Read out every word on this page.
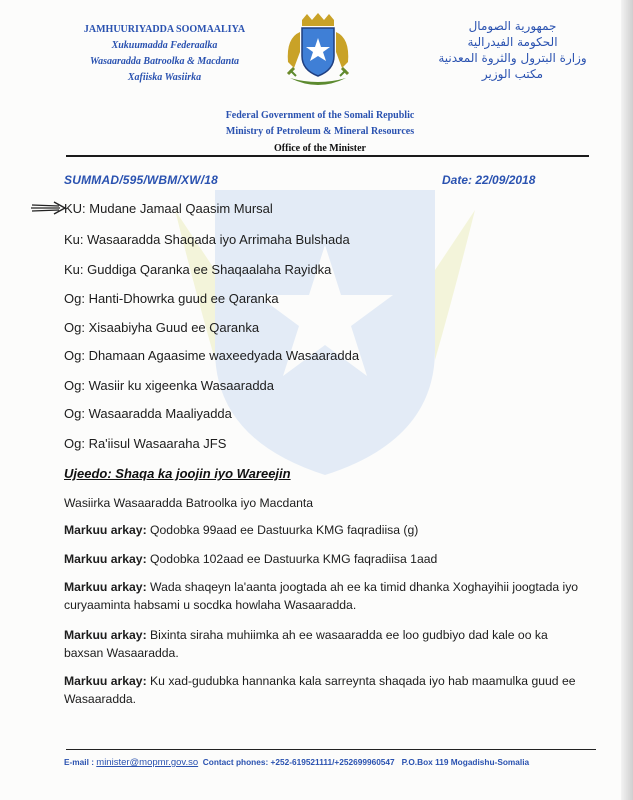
JAMHUURIYADDA SOOMAALIYA
Xukuumadda Federaalka
Wasaaradda Batroolka & Macdanta
Xafiiska Wasiirka
جمهورية الصومال
الحكومة الفيدرالية
وزارة البترول والثروة المعدنية
مكتب الوزير
Federal Government of the Somali Republic
Ministry of Petroleum & Mineral Resources
Office of the Minister
SUMMAD/595/WBM/XW/18	Date: 22/09/2018
KU: Mudane Jamaal Qaasim Mursal
Ku: Wasaaradda Shaqada iyo Arrimaha Bulshada
Ku: Guddiga Qaranka ee Shaqaalaha Rayidka
Og: Hanti-Dhowrka guud ee Qaranka
Og: Xisaabiyha Guud ee Qaranka
Og: Dhamaan Agaasime waxeedyada Wasaaradda
Og: Wasiir ku xigeenka Wasaaradda
Og: Wasaaradda Maaliyadda
Og: Ra'iisul Wasaaraha JFS
Ujeedo: Shaqa ka joojin iyo Wareejin
Wasiirka Wasaaradda Batroolka iyo Macdanta
Markuu arkay: Qodobka 99aad ee Dastuurka KMG faqradiisa (g)
Markuu arkay: Qodobka 102aad ee Dastuurka KMG faqradiisa 1aad
Markuu arkay: Wada shaqeyn la'aanta joogtada ah ee ka timid dhanka Xoghayihii joogtada iyo curyaaminta habsami u socdka howlaha Wasaaradda.
Markuu arkay: Bixinta siraha muhiimka ah ee wasaaradda ee loo gudbiyo dad kale oo ka baxsan Wasaaradda.
Markuu arkay: Ku xad-gudubka hannanka kala sarreynta shaqada iyo hab maamulka guud ee Wasaaradda.
E-mail : minister@mopmr.gov.so Contact phones: +252-619521111/+252699960547 P.O.Box 119 Mogadishu-Somalia
